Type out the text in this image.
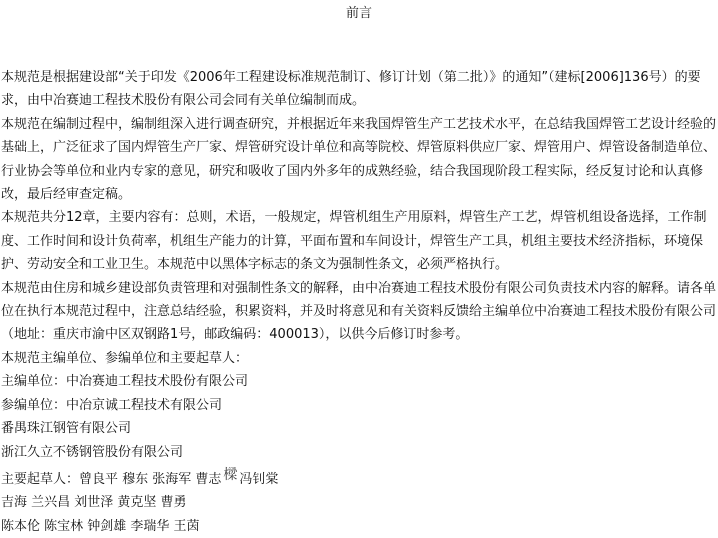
前言

本规范是根据建设部“关于印发《2006年工程建设标准规范制订、修订计划（第二批）》的通知”（建标[2006]136号）的要求，由中冶赛迪工程技术股份有限公司会同有关单位编制而成。

本规范在编制过程中，编制组深入进行调查研究，并根据近年来我国焊管生产工艺技术水平，在总结我国焊管工艺设计经验的基础上，广泛征求了国内焊管生产厂家、焊管研究设计单位和高等院校、焊管原料供应厂家、焊管用户、焊管设备制造单位、行业协会等单位和业内专家的意见，研究和吸收了国内外多年的成熟经验，结合我国现阶段工程实际，经反复讨论和认真修改，最后经审查定稿。

本规范共分12章，主要内容有：总则，术语，一般规定，焊管机组生产用原料，焊管生产工艺，焊管机组设备选择，工作制度、工作时间和设计负荷率，机组生产能力的计算，平面布置和车间设计，焊管生产工具，机组主要技术经济指标，环境保护、劳动安全和工业卫生。本规范中以黑体字标志的条文为强制性条文，必须严格执行。

本规范由住房和城乡建设部负责管理和对强制性条文的解释，由中冶赛迪工程技术股份有限公司负责技术内容的解释。请各单位在执行本规范过程中，注意总结经验，积累资料，并及时将意见和有关资料反馈给主编单位中冶赛迪工程技术股份有限公司（地址：重庆市渝中区双钢路1号，邮政编码：400013），以供今后修订时参考。

本规范主编单位、参编单位和主要起草人：

主编单位：中冶赛迪工程技术股份有限公司

参编单位：中冶京诚工程技术有限公司

番禺珠江钢管有限公司

浙江久立不锈钢管股份有限公司

主要起草人：曾良平 穆东 张海军 曹志 樑 冯钊棠

吉海 兰兴昌 刘世泽 黄克坚 曹勇

陈本伦 陈宝林 钟剑雄 李瑞华 王茵
